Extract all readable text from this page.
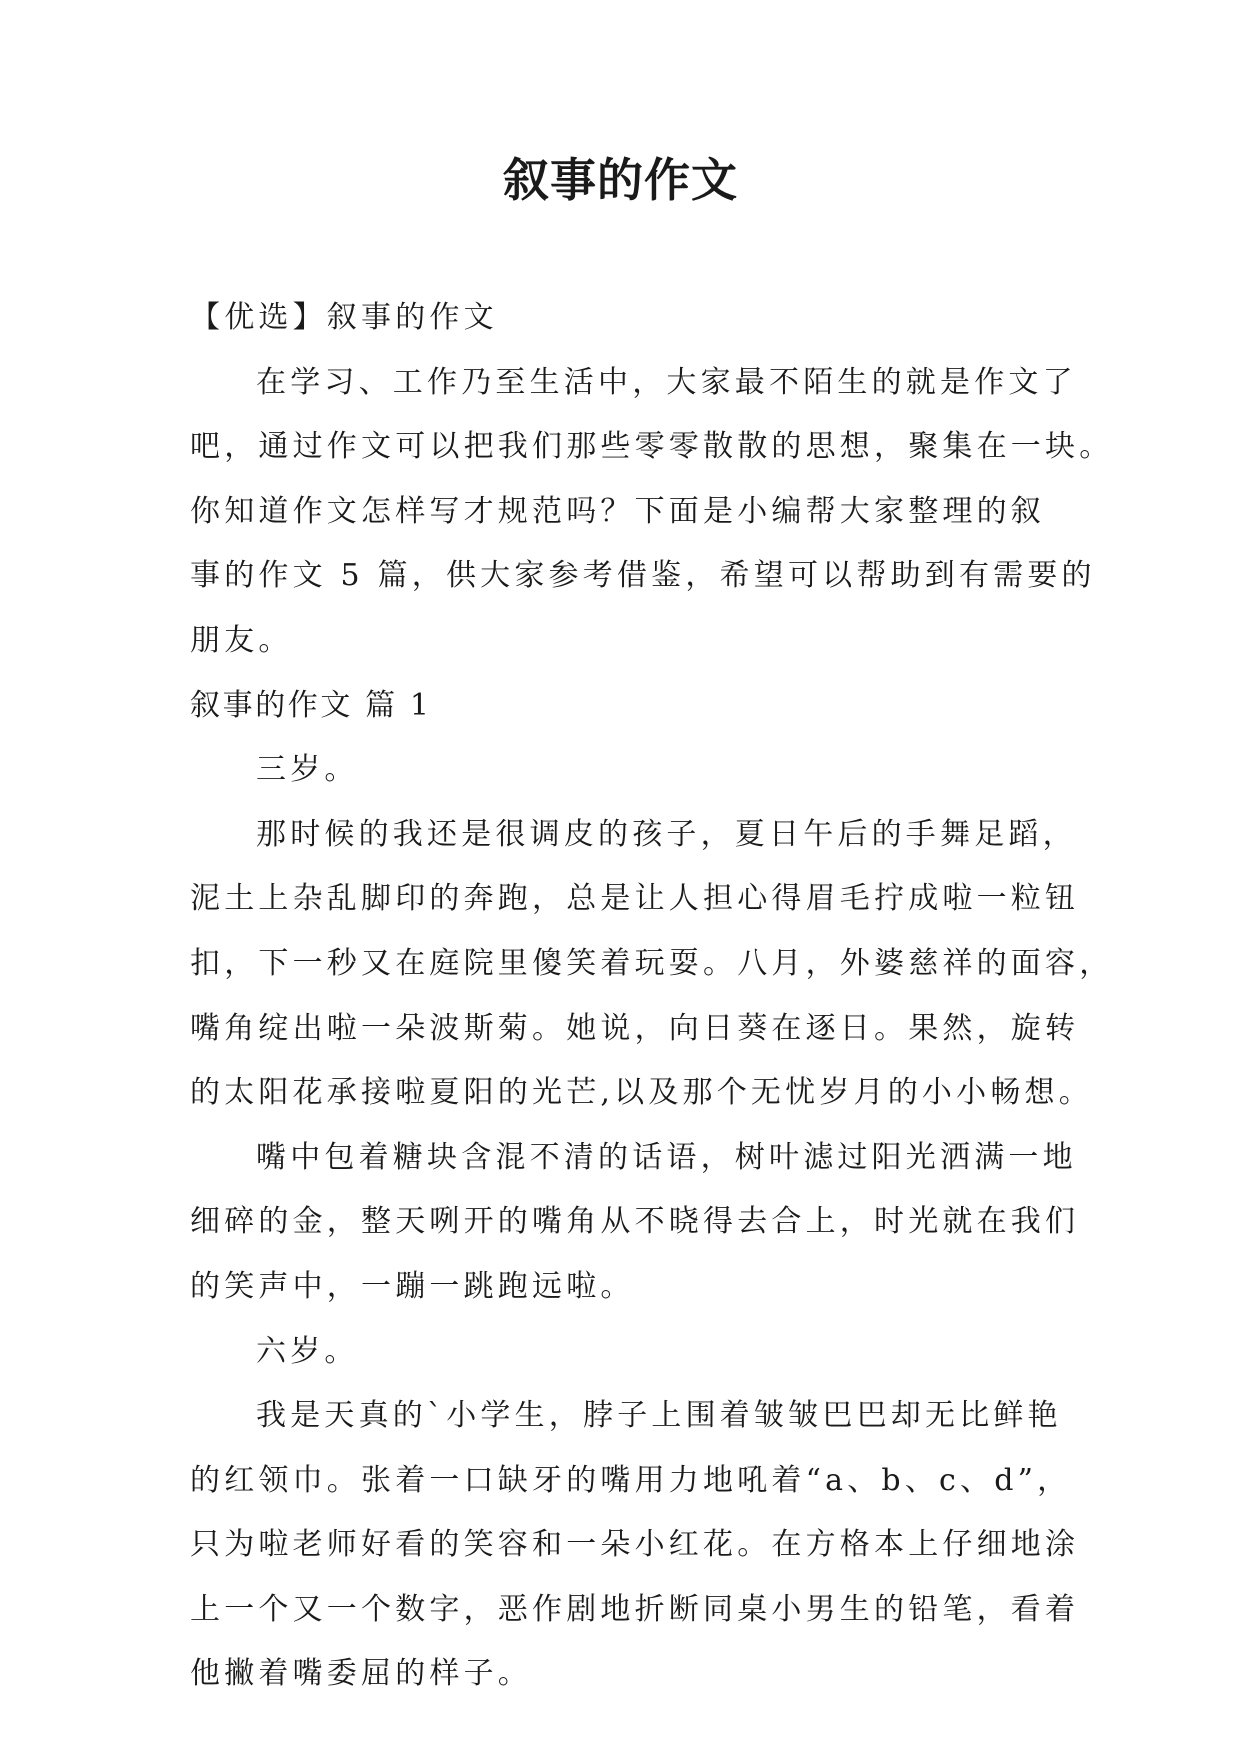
叙事的作文

【优选】叙事的作文

在学习、工作乃至生活中，大家最不陌生的就是作文了

吧，通过作文可以把我们那些零零散散的思想，聚集在一块。

你知道作文怎样写才规范吗？下面是小编帮大家整理的叙

事的作文 5 篇，供大家参考借鉴，希望可以帮助到有需要的

朋友。

叙事的作文 篇 1

三岁。

那时候的我还是很调皮的孩子，夏日午后的手舞足蹈，

泥土上杂乱脚印的奔跑，总是让人担心得眉毛拧成啦一粒钮

扣，下一秒又在庭院里傻笑着玩耍。八月，外婆慈祥的面容，

嘴角绽出啦一朵波斯菊。她说，向日葵在逐日。果然，旋转

的太阳花承接啦夏阳的光芒,以及那个无忧岁月的小小畅想。

嘴中包着糖块含混不清的话语，树叶滤过阳光洒满一地

细碎的金，整天咧开的嘴角从不晓得去合上，时光就在我们

的笑声中，一蹦一跳跑远啦。

六岁。

我是天真的`小学生，脖子上围着皱皱巴巴却无比鲜艳

的红领巾。张着一口缺牙的嘴用力地吼着“a、b、c、d”，

只为啦老师好看的笑容和一朵小红花。在方格本上仔细地涂

上一个又一个数字，恶作剧地折断同桌小男生的铅笔，看着

他撇着嘴委屈的样子。
